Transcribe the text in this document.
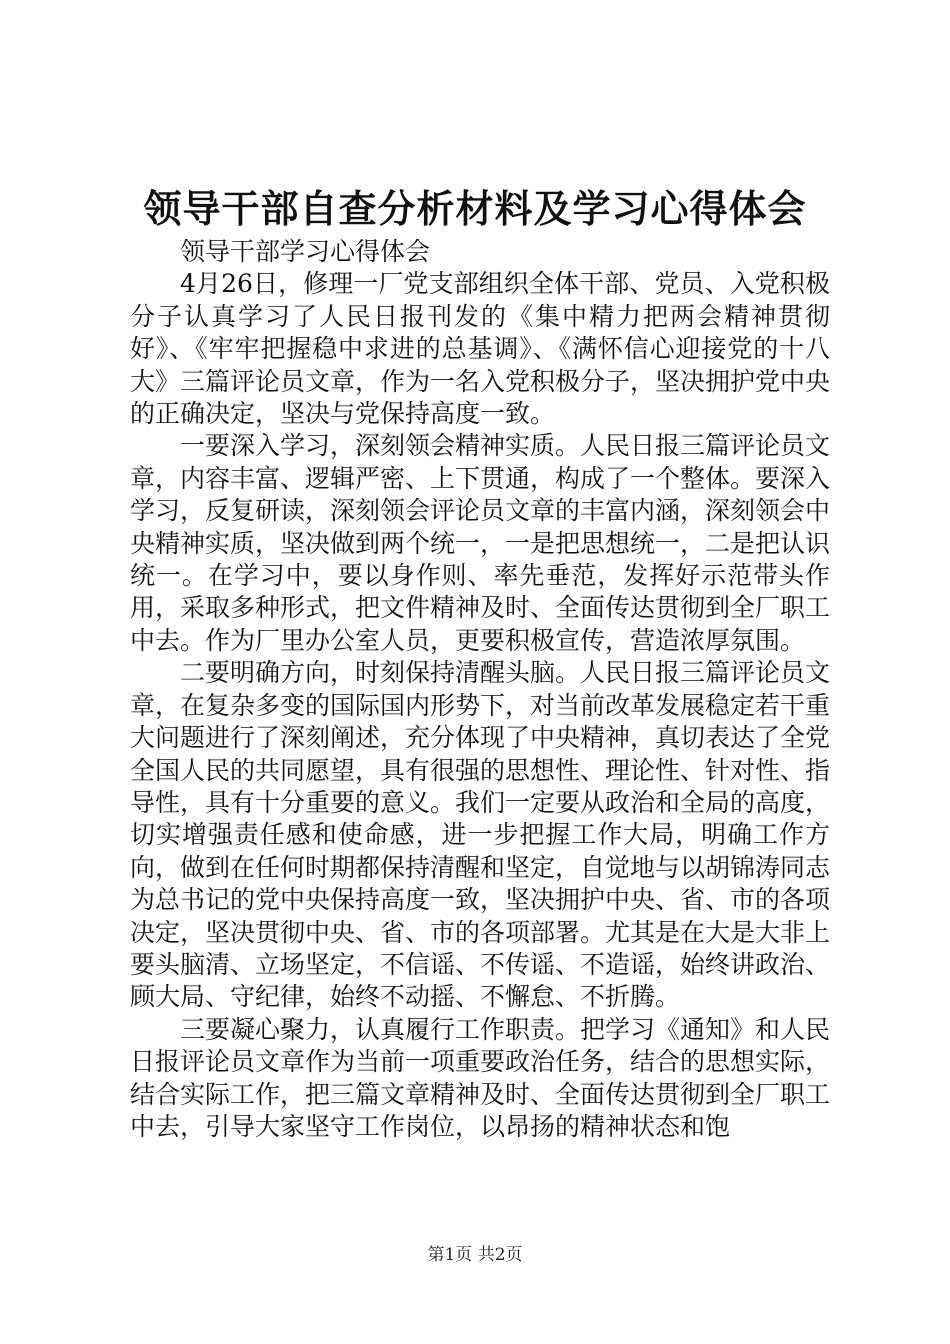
领导干部自查分析材料及学习心得体会

领导干部学习心得体会

4月26日，修理一厂党支部组织全体干部、党员、入党积极分子认真学习了人民日报刊发的《集中精力把两会精神贯彻好》、《牢牢把握稳中求进的总基调》、《满怀信心迎接党的十八大》三篇评论员文章，作为一名入党积极分子，坚决拥护党中央的正确决定，坚决与党保持高度一致。

一要深入学习，深刻领会精神实质。人民日报三篇评论员文章，内容丰富、逻辑严密、上下贯通，构成了一个整体。要深入学习，反复研读，深刻领会评论员文章的丰富内涵，深刻领会中央精神实质，坚决做到两个统一，一是把思想统一，二是把认识统一。在学习中，要以身作则、率先垂范，发挥好示范带头作用，采取多种形式，把文件精神及时、全面传达贯彻到全厂职工中去。作为厂里办公室人员，更要积极宣传，营造浓厚氛围。

二要明确方向，时刻保持清醒头脑。人民日报三篇评论员文章，在复杂多变的国际国内形势下，对当前改革发展稳定若干重大问题进行了深刻阐述，充分体现了中央精神，真切表达了全党全国人民的共同愿望，具有很强的思想性、理论性、针对性、指导性，具有十分重要的意义。我们一定要从政治和全局的高度，切实增强责任感和使命感，进一步把握工作大局，明确工作方向，做到在任何时期都保持清醒和坚定，自觉地与以胡锦涛同志为总书记的党中央保持高度一致，坚决拥护中央、省、市的各项决定，坚决贯彻中央、省、市的各项部署。尤其是在大是大非上要头脑清、立场坚定，不信谣、不传谣、不造谣，始终讲政治、顾大局、守纪律，始终不动摇、不懈怠、不折腾。

三要凝心聚力，认真履行工作职责。把学习《通知》和人民日报评论员文章作为当前一项重要政治任务，结合的思想实际，结合实际工作，把三篇文章精神及时、全面传达贯彻到全厂职工中去，引导大家坚守工作岗位，以昂扬的精神状态和饱

第1页 共2页
